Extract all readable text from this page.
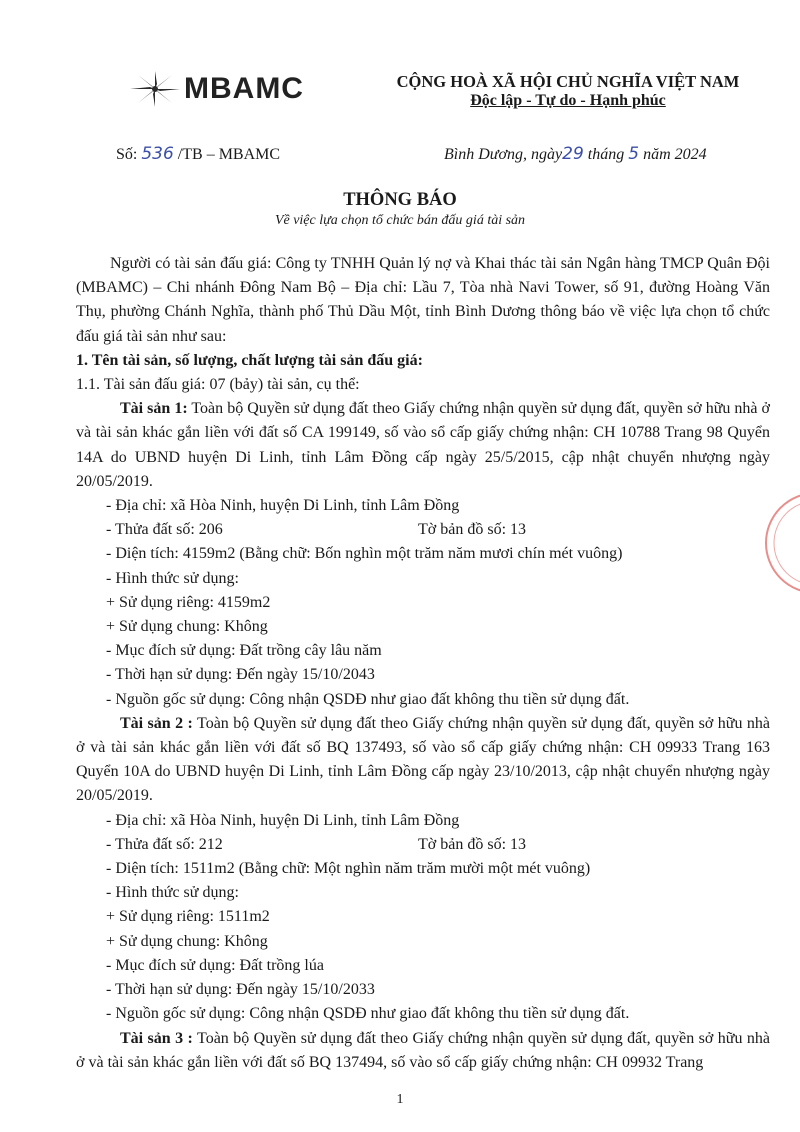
MBAMC	CỘNG HOÀ XÃ HỘI CHỦ NGHĨA VIỆT NAM
Độc lập - Tự do - Hạnh phúc
Số: 536 /TB – MBAMC	Bình Dương, ngày29 tháng 5 năm 2024
THÔNG BÁO
Về việc lựa chọn tổ chức bán đấu giá tài sản

Người có tài sản đấu giá: Công ty TNHH Quản lý nợ và Khai thác tài sản Ngân hàng TMCP Quân Đội (MBAMC) – Chi nhánh Đông Nam Bộ – Địa chỉ: Lầu 7, Tòa nhà Navi Tower, số 91, đường Hoàng Văn Thụ, phường Chánh Nghĩa, thành phố Thủ Dầu Một, tỉnh Bình Dương thông báo về việc lựa chọn tổ chức đấu giá tài sản như sau:

1. Tên tài sản, số lượng, chất lượng tài sản đấu giá:

1.1. Tài sản đấu giá: 07 (bảy) tài sản, cụ thể:

Tài sản 1: Toàn bộ Quyền sử dụng đất theo Giấy chứng nhận quyền sử dụng đất, quyền sở hữu nhà ở và tài sản khác gắn liền với đất số CA 199149, số vào sổ cấp giấy chứng nhận: CH 10788 Trang 98 Quyển 14A do UBND huyện Di Linh, tỉnh Lâm Đồng cấp ngày 25/5/2015, cập nhật chuyển nhượng ngày 20/05/2019.

- Địa chỉ: xã Hòa Ninh, huyện Di Linh, tỉnh Lâm Đồng

- Thửa đất số: 206	Tờ bản đồ số: 13

- Diện tích: 4159m2 (Bằng chữ: Bốn nghìn một trăm năm mươi chín mét vuông)

- Hình thức sử dụng:

+ Sử dụng riêng: 4159m2

+ Sử dụng chung: Không

- Mục đích sử dụng: Đất trồng cây lâu năm

- Thời hạn sử dụng: Đến ngày 15/10/2043

- Nguồn gốc sử dụng: Công nhận QSDĐ như giao đất không thu tiền sử dụng đất.

Tài sản 2 : Toàn bộ Quyền sử dụng đất theo Giấy chứng nhận quyền sử dụng đất, quyền sở hữu nhà ở và tài sản khác gắn liền với đất số BQ 137493, số vào sổ cấp giấy chứng nhận: CH 09933 Trang 163 Quyển 10A do UBND huyện Di Linh, tỉnh Lâm Đồng cấp ngày 23/10/2013, cập nhật chuyển nhượng ngày 20/05/2019.

- Địa chỉ: xã Hòa Ninh, huyện Di Linh, tỉnh Lâm Đồng

- Thửa đất số: 212	Tờ bản đồ số: 13

- Diện tích: 1511m2 (Bằng chữ: Một nghìn năm trăm mười một mét vuông)

- Hình thức sử dụng:

+ Sử dụng riêng: 1511m2

+ Sử dụng chung: Không

- Mục đích sử dụng: Đất trồng lúa

- Thời hạn sử dụng: Đến ngày 15/10/2033

- Nguồn gốc sử dụng: Công nhận QSDĐ như giao đất không thu tiền sử dụng đất.

Tài sản 3 : Toàn bộ Quyền sử dụng đất theo Giấy chứng nhận quyền sử dụng đất, quyền sở hữu nhà ở và tài sản khác gắn liền với đất số BQ 137494, số vào sổ cấp giấy chứng nhận: CH 09932 Trang

1
